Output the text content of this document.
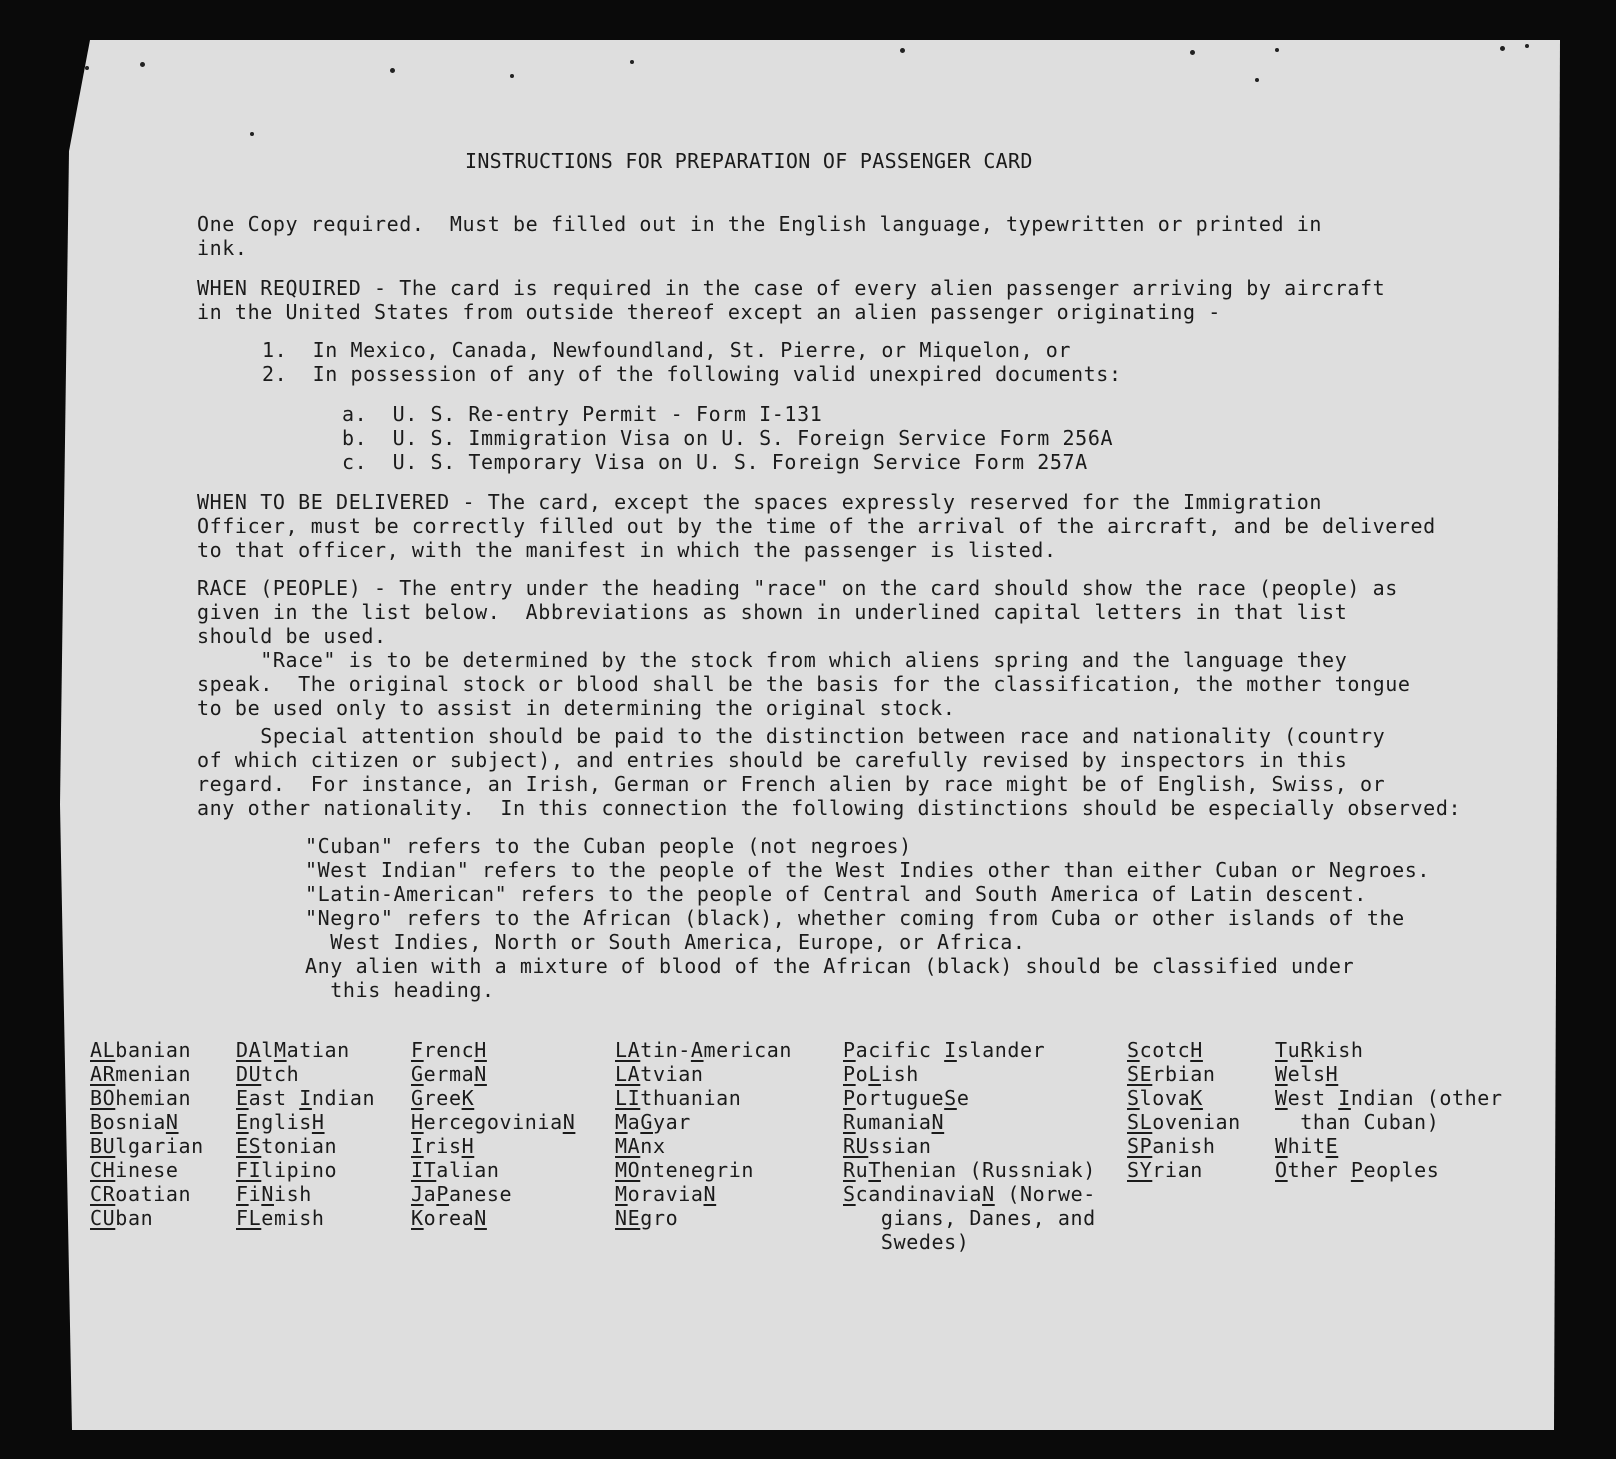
INSTRUCTIONS FOR PREPARATION OF PASSENGER CARD
One Copy required.  Must be filled out in the English language, typewritten or printed in
ink.
WHEN REQUIRED - The card is required in the case of every alien passenger arriving by aircraft
in the United States from outside thereof except an alien passenger originating -
1.  In Mexico, Canada, Newfoundland, St. Pierre, or Miquelon, or
2.  In possession of any of the following valid unexpired documents:
a.  U. S. Re-entry Permit - Form I-131
b.  U. S. Immigration Visa on U. S. Foreign Service Form 256A
c.  U. S. Temporary Visa on U. S. Foreign Service Form 257A
WHEN TO BE DELIVERED - The card, except the spaces expressly reserved for the Immigration
Officer, must be correctly filled out by the time of the arrival of the aircraft, and be delivered
to that officer, with the manifest in which the passenger is listed.
RACE (PEOPLE) - The entry under the heading "race" on the card should show the race (people) as
given in the list below.  Abbreviations as shown in underlined capital letters in that list
should be used.
"Race" is to be determined by the stock from which aliens spring and the language they
speak.  The original stock or blood shall be the basis for the classification, the mother tongue
to be used only to assist in determining the original stock.
Special attention should be paid to the distinction between race and nationality (country
of which citizen or subject), and entries should be carefully revised by inspectors in this
regard.  For instance, an Irish, German or French alien by race might be of English, Swiss, or
any other nationality.  In this connection the following distinctions should be especially observed:
"Cuban" refers to the Cuban people (not negroes)
"West Indian" refers to the people of the West Indies other than either Cuban or Negroes.
"Latin-American" refers to the people of Central and South America of Latin descent.
"Negro" refers to the African (black), whether coming from Cuba or other islands of the
West Indies, North or South America, Europe, or Africa.
Any alien with a mixture of blood of the African (black) should be classified under
this heading.
ALbanian
ARmenian
BOhemian
BosniaN
BUlgarian
CHinese
CRoatian
CUban
DAlMatian
DUtch
East Indian
EnglisH
EStonian
FIlipino
FiNish
FLemish
FrencH
GermaN
GreeK
HercegoviniaN
IrisH
ITalian
JaPanese
KoreaN
LAtin-American
LAtvian
LIthuanian
MaGyar
MAnx
MOntenegrin
MoraviaN
NEgro
Pacific Islander
PoLish
PortugueSe
RumaniaN
RUssian
RuThenian (Russniak)
ScandinaviaN (Norwe-
gians, Danes, and
Swedes)
ScotcH
SErbian
SlovaK
SLovenian
SPanish
SYrian
TuRkish
WelsH
West Indian (other
than Cuban)
WhitE
Other Peoples
